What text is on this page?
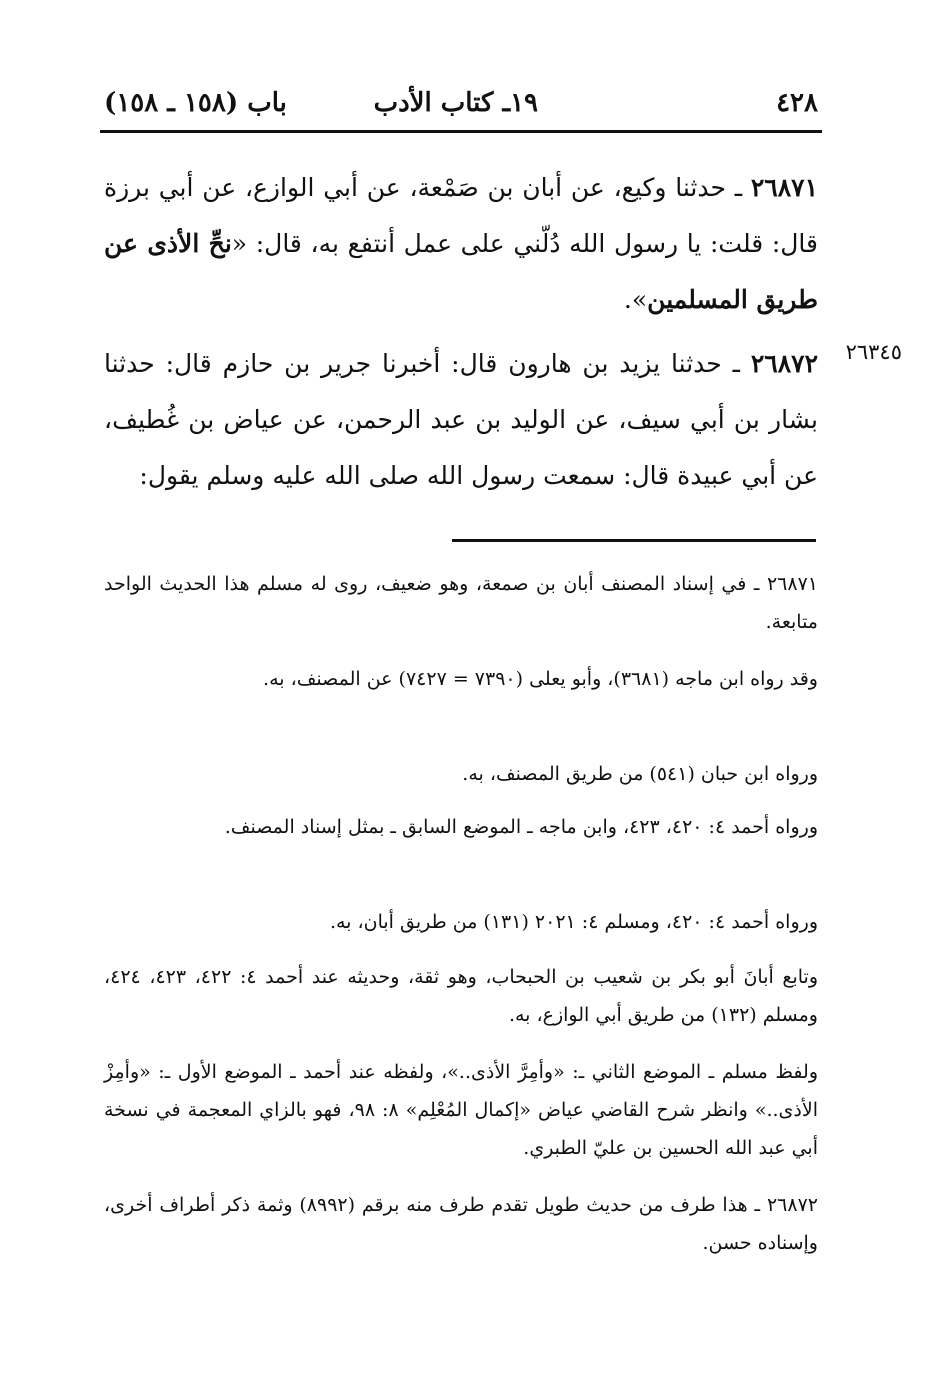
٤٢٨
١٩ـ كتاب الأدب
باب (١٥٨ ـ ١٥٨)
٢٦٨٧١ ـ حدثنا وكيع، عن أبان بن صَمْعة، عن أبي الوازع، عن أبي برزة قال: قلت: يا رسول الله دُلّني على عمل أنتفع به، قال: «نحِّ الأذى عن طريق المسلمين».
٢٦٣٤٥
٢٦٨٧٢ ـ حدثنا يزيد بن هارون قال: أخبرنا جرير بن حازم قال: حدثنا بشار بن أبي سيف، عن الوليد بن عبد الرحمن، عن عياض بن غُطيف، عن أبي عبيدة قال: سمعت رسول الله صلى الله عليه وسلم يقول:
٢٦٨٧١ ـ في إسناد المصنف أبان بن صمعة، وهو ضعيف، روى له مسلم هذا الحديث الواحد متابعة.
وقد رواه ابن ماجه (٣٦٨١)، وأبو يعلى (٧٣٩٠ = ٧٤٢٧) عن المصنف، به.
ورواه ابن حبان (٥٤١) من طريق المصنف، به.
ورواه أحمد ٤: ٤٢٠، ٤٢٣، وابن ماجه ـ الموضع السابق ـ بمثل إسناد المصنف.
ورواه أحمد ٤: ٤٢٠، ومسلم ٤: ٢٠٢١ (١٣١) من طريق أبان، به.
وتابع أبانَ أبو بكر بن شعيب بن الحبحاب، وهو ثقة، وحديثه عند أحمد ٤: ٤٢٢، ٤٢٣، ٤٢٤، ومسلم (١٣٢) من طريق أبي الوازع، به.
ولفظ مسلم ـ الموضع الثاني ـ: «وأمِرَّ الأذى..»، ولفظه عند أحمد ـ الموضع الأول ـ: «وأمِزْ الأذى..» وانظر شرح القاضي عياض «إكمال المُعْلِم» ٨: ٩٨، فهو بالزاي المعجمة في نسخة أبي عبد الله الحسين بن عليّ الطبري.
٢٦٨٧٢ ـ هذا طرف من حديث طويل تقدم طرف منه برقم (٨٩٩٢) وثمة ذكر أطراف أخرى، وإسناده حسن.
